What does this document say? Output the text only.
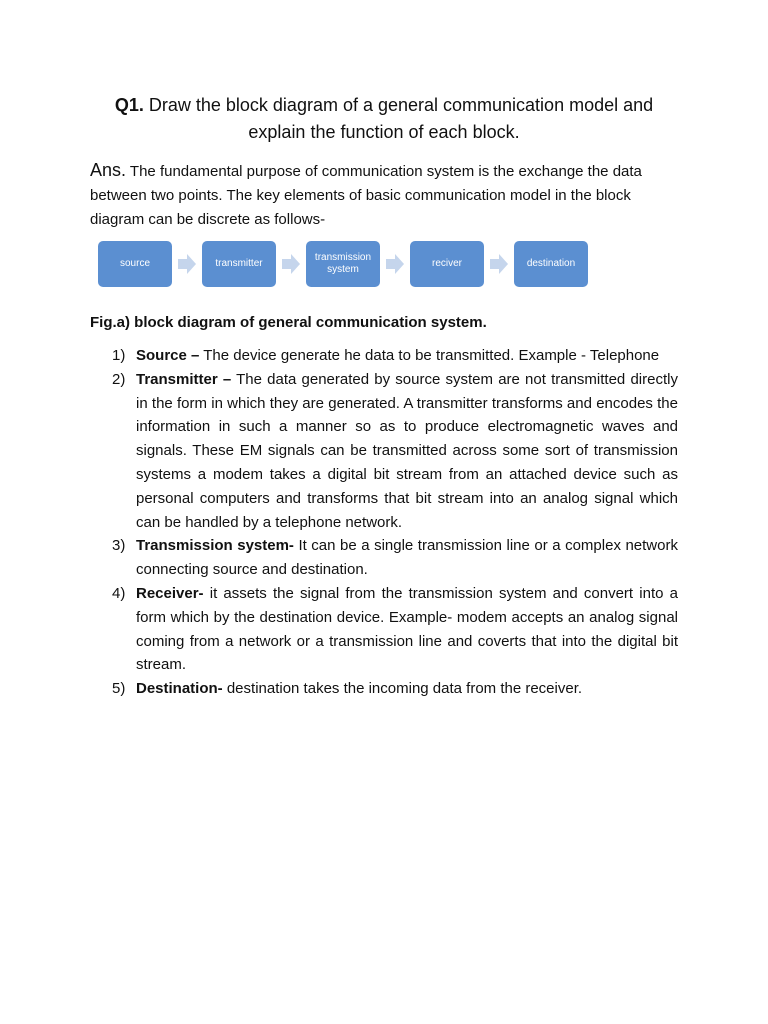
Q1. Draw the block diagram of a general communication model and explain the function of each block.
Ans. The fundamental purpose of communication system is the exchange the data between two points. The key elements of basic communication model in the block diagram can be discrete as follows-
source	transmitter
transmission system
reciver	destination
Fig.a) block diagram of general communication system.
1) Source – The device generate he data to be transmitted. Example - Telephone
2) Transmitter – The data generated by source system are not transmitted directly in the form in which they are generated. A transmitter transforms and encodes the information in such a manner so as to produce electromagnetic waves and signals. These EM signals can be transmitted across some sort of transmission systems a modem takes a digital bit stream from an attached device such as personal computers and transforms that bit stream into an analog signal which can be handled by a telephone network.
3) Transmission system- It can be a single transmission line or a complex network connecting source and destination.
4) Receiver- it assets the signal from the transmission system and convert into a form which by the destination device. Example- modem accepts an analog signal coming from a network or a transmission line and coverts that into the digital bit stream.
5) Destination- destination takes the incoming data from the receiver.
